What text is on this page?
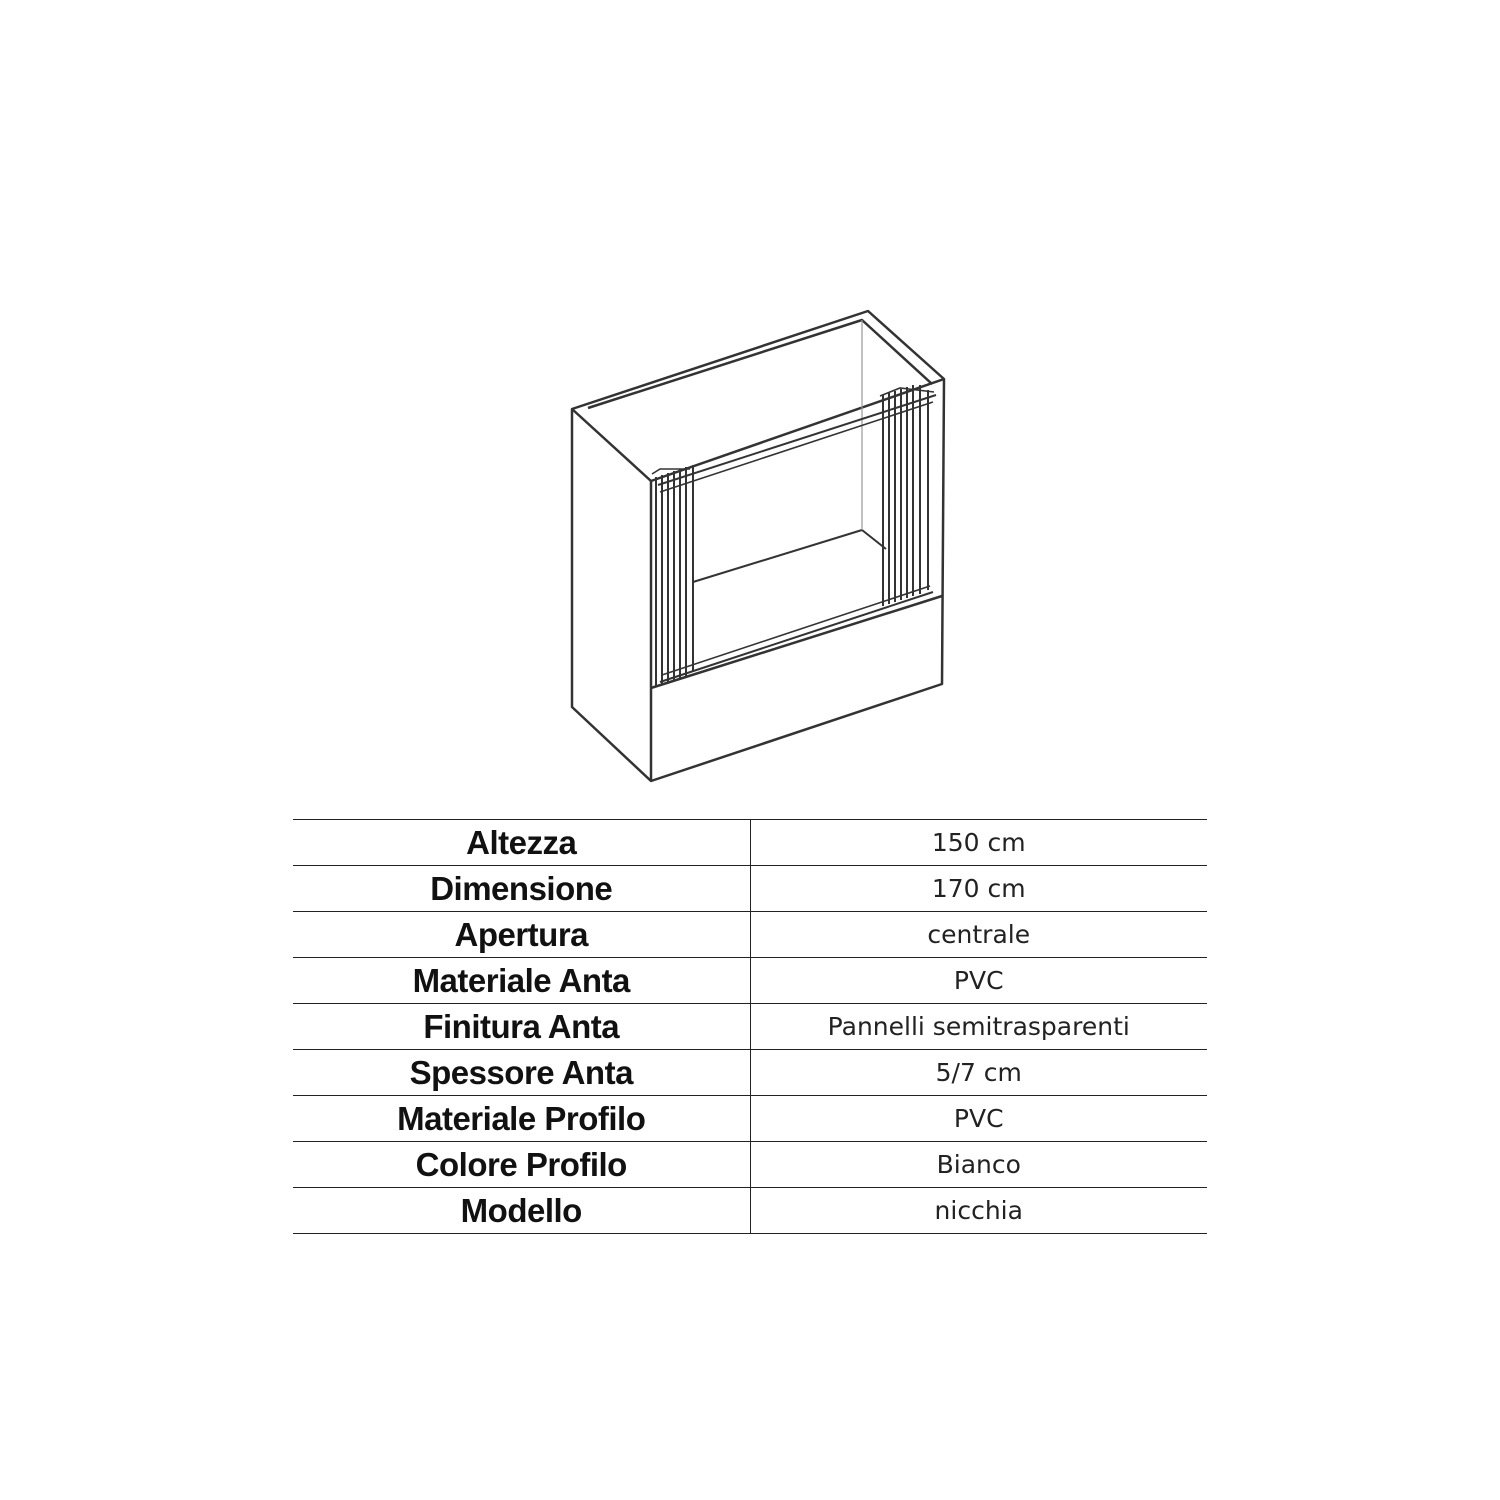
Altezza	150 cm
Dimensione	170 cm
Apertura	centrale
Materiale Anta	PVC
Finitura Anta	Pannelli semitrasparenti
Spessore Anta	5/7 cm
Materiale Profilo	PVC
Colore Profilo	Bianco
Modello	nicchia
